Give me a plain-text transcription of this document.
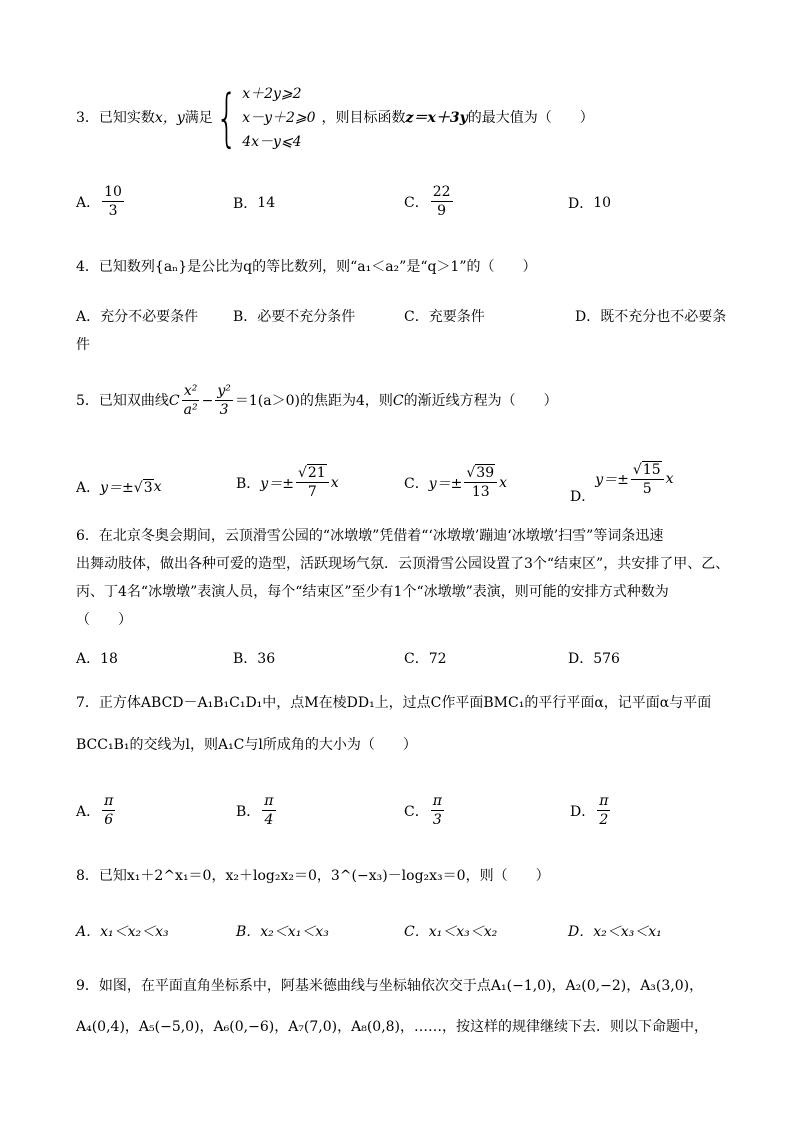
3．已知实数 x，y 满足 { x＋2y⩾2
x－y＋2⩾0
4x－y⩽4
，则目标函数 z＝x＋3y 的最大值为（　　）
A． $\frac{10}{3}$	B． 14	C． $\frac{22}{9}$	D． 10
4．已知数列{aₙ}是公比为q的等比数列，则“a₁＜a₂”是“q＞1”的（　　）
A．充分不必要条件 B．必要不充分条件	C．充要条件	D．既不充分也不必要条
件
5．已知双曲线 C $\frac{\text{x²}}{\text{a²}} - \frac{\text{y²}}{3} =1(a>0)$ 的焦距为4，则 C 的渐近线方程为（　　）
A． y＝± √3 x	B． $y=\pm \frac{√21}{7}$ x	C． $y=\pm \frac{√39}{13}$ x
D．
$y=\pm \frac{√15}{5}$ x
6．在北京冬奥会期间，云顶滑雪公园的“冰墩墩”凭借着“‘冰墩墩’蹦迪‘冰墩墩’扫雪”等词条迅速
出舞动肢体，做出各种可爱的造型，活跃现场气氛．云顶滑雪公园设置了3个“结束区”，共安排了甲、乙、
丙、丁4名“冰墩墩”表演人员，每个“结束区”至少有1个“冰墩墩”表演，则可能的安排方式种数为
（　　）
A．18	B．36	C．72	D．576
7．正方体ABCD－A₁B₁C₁D₁中，点M在棱DD₁上，过点C作平面BMC₁的平行平面α，记平面α与平面
BCC₁B₁的交线为l，则A₁C与l所成角的大小为（　　）
A． $\frac{\pi}{6}$	B． $\frac{\pi}{4}$	C． $\frac{\pi}{3}$	D． $\frac{\pi}{2}$
8．已知x₁＋2^x₁＝0，x₂＋log₂x₂＝0，3^(−x₃)－log₂x₃＝0，则（　　）
A．x₁＜x₂＜x₃	B．x₂＜x₁＜x₃	C．x₁＜x₃＜x₂	D．x₂＜x₃＜x₁
9．如图，在平面直角坐标系中，阿基米德曲线与坐标轴依次交于点A₁(−1,0)，A₂(0,−2)，A₃(3,0)，
A₄(0,4)，A₅(−5,0)，A₆(0,−6)，A₇(7,0)，A₈(0,8)，……，按这样的规律继续下去．则以下命题中，
